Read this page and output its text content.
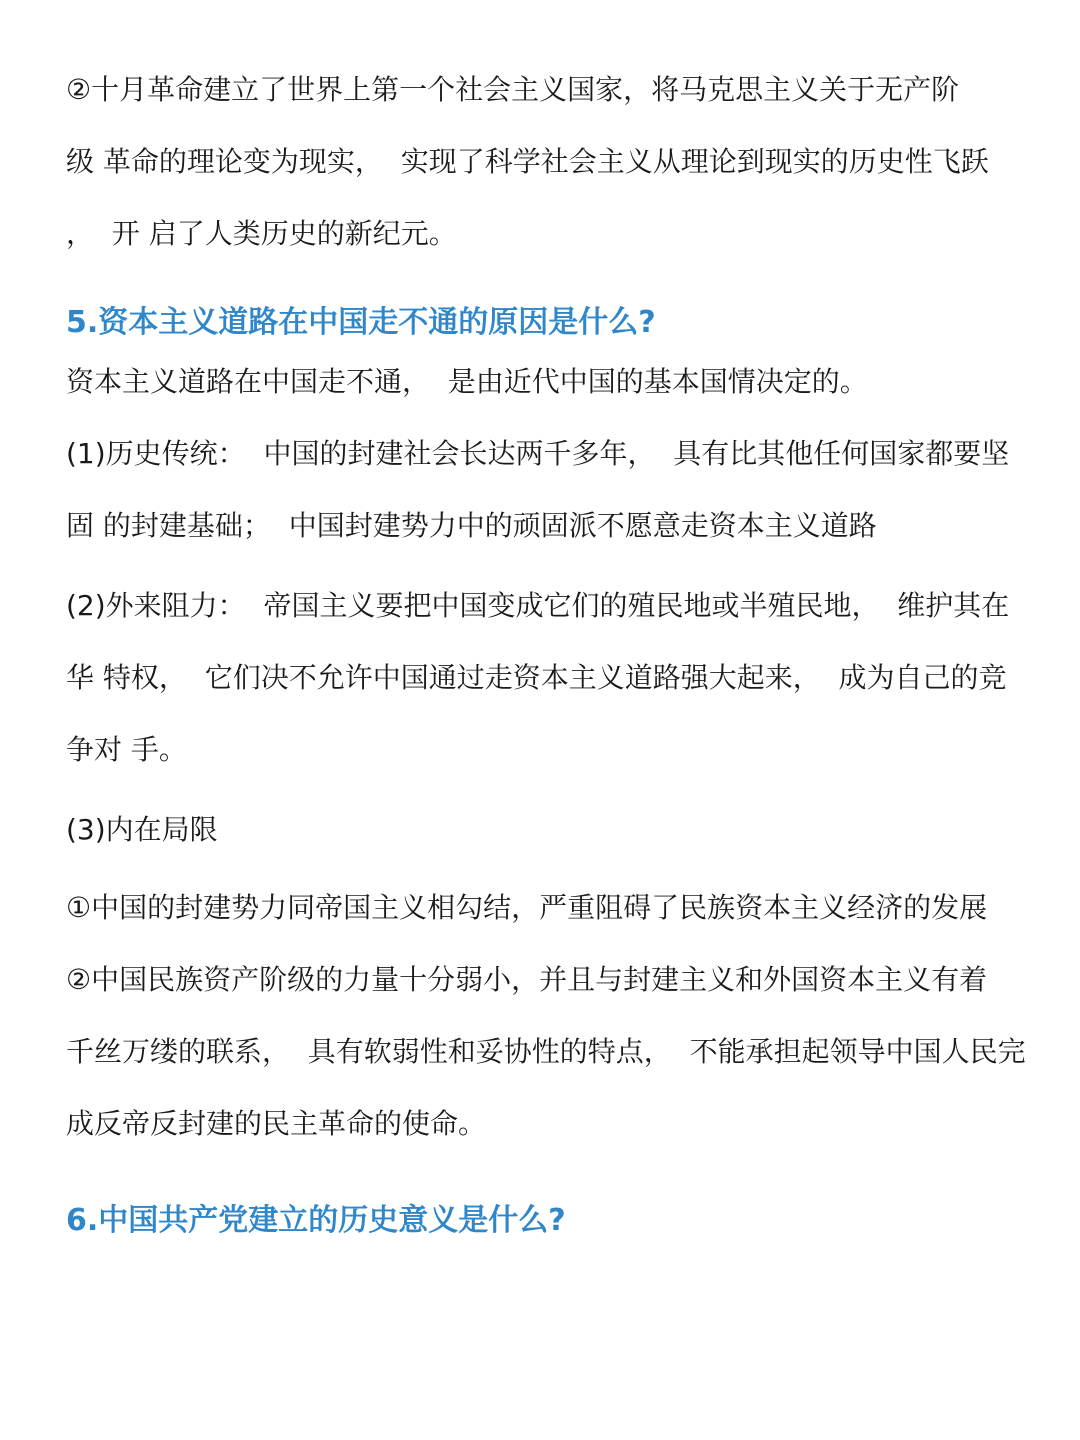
②十月革命建立了世界上第一个社会主义国家，将马克思主义关于无产阶
级 革命的理论变为现实，  实现了科学社会主义从理论到现实的历史性飞跃
，  开 启了人类历史的新纪元。
5.资本主义道路在中国走不通的原因是什么?
资本主义道路在中国走不通，  是由近代中国的基本国情决定的。
(1)历史传统：  中国的封建社会长达两千多年，  具有比其他任何国家都要坚
固 的封建基础；  中国封建势力中的顽固派不愿意走资本主义道路
(2)外来阻力：  帝国主义要把中国变成它们的殖民地或半殖民地，  维护其在
华 特权，  它们决不允许中国通过走资本主义道路强大起来，  成为自己的竞
争对 手。
(3)内在局限
①中国的封建势力同帝国主义相勾结，严重阻碍了民族资本主义经济的发展
②中国民族资产阶级的力量十分弱小，并且与封建主义和外国资本主义有着
千丝万缕的联系，  具有软弱性和妥协性的特点，  不能承担起领导中国人民完
成反帝反封建的民主革命的使命。
6.中国共产党建立的历史意义是什么?
